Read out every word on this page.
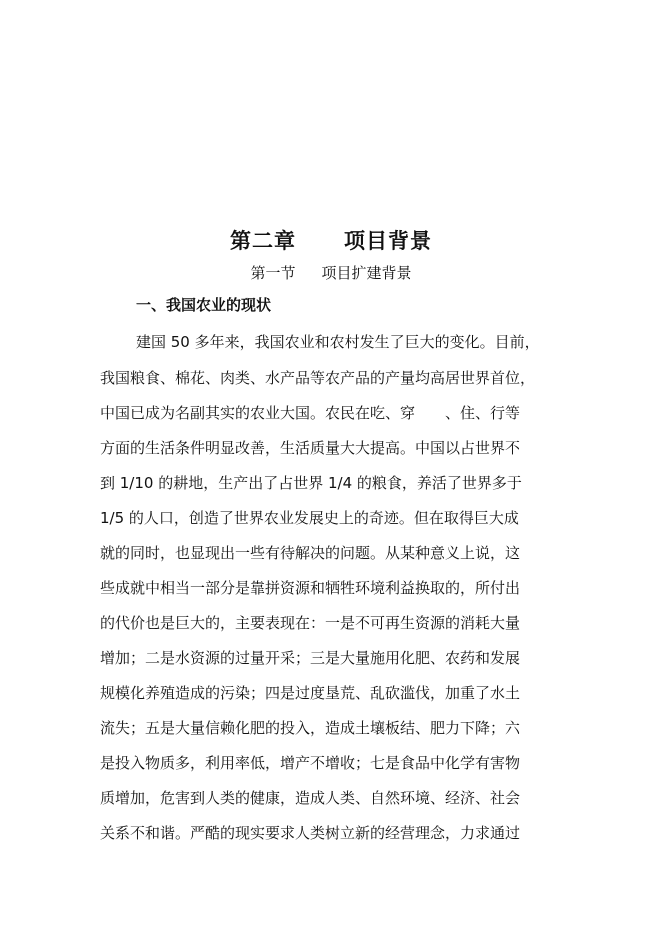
第二章 项目背景
第一节 项目扩建背景
一、我国农业的现状
建国 50 多年来，我国农业和农村发生了巨大的变化。目前，
我国粮食、棉花、肉类、水产品等农产品的产量均高居世界首位，
中国已成为名副其实的农业大国。农民在吃、穿　　、住、行等
方面的生活条件明显改善，生活质量大大提高。中国以占世界不
到 1/10 的耕地，生产出了占世界 1/4 的粮食，养活了世界多于
1/5 的人口，创造了世界农业发展史上的奇迹。但在取得巨大成
就的同时，也显现出一些有待解决的问题。从某种意义上说，这
些成就中相当一部分是靠拼资源和牺牲环境利益换取的，所付出
的代价也是巨大的，主要表现在：一是不可再生资源的消耗大量
增加；二是水资源的过量开采；三是大量施用化肥、农药和发展
规模化养殖造成的污染；四是过度垦荒、乱砍滥伐，加重了水土
流失；五是大量信赖化肥的投入，造成土壤板结、肥力下降；六
是投入物质多，利用率低，增产不增收；七是食品中化学有害物
质增加，危害到人类的健康，造成人类、自然环境、经济、社会
关系不和谐。严酷的现实要求人类树立新的经营理念，力求通过
